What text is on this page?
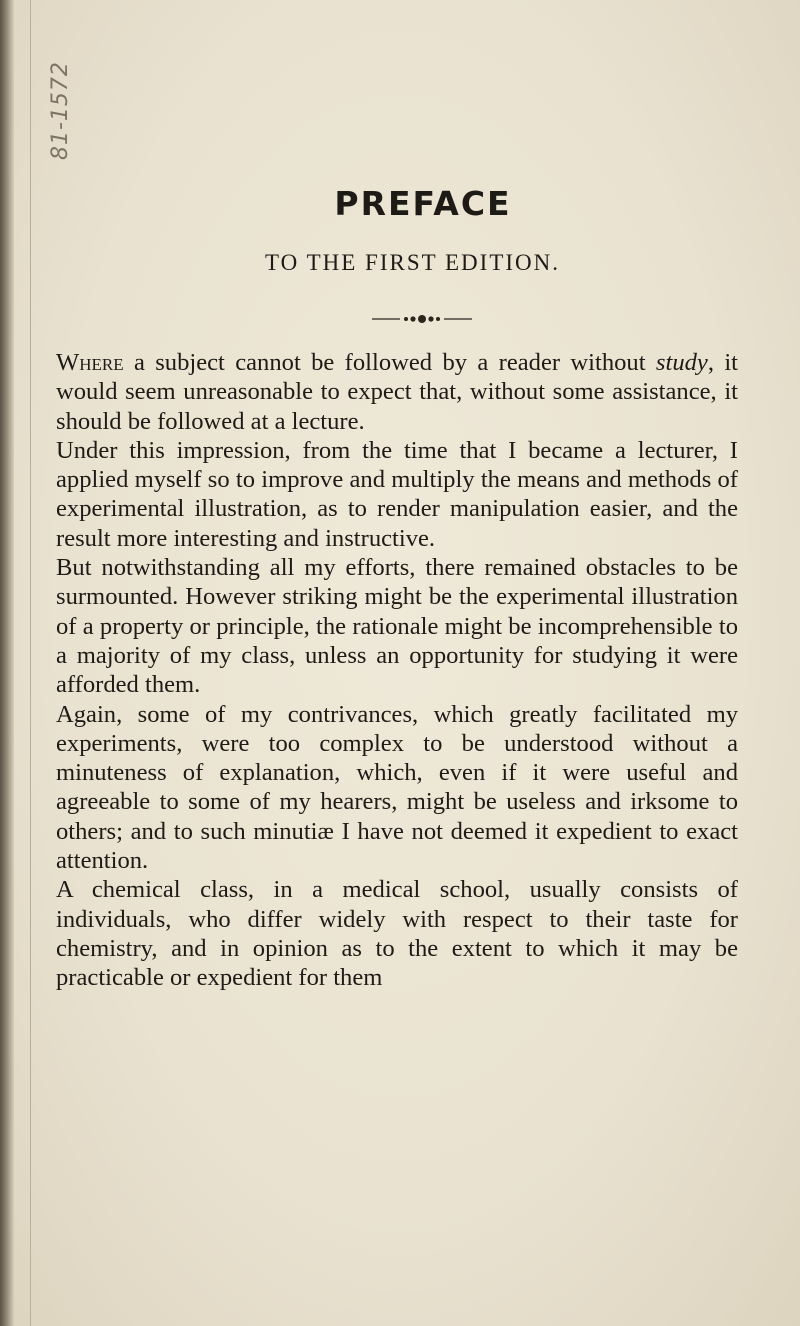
81-1572
PREFACE
TO THE FIRST EDITION.

Where a subject cannot be followed by a reader without study, it would seem unreasonable to expect that, without some assistance, it should be followed at a lecture.

Under this impression, from the time that I became a lecturer, I applied myself so to improve and multiply the means and methods of experimental illustration, as to render manipulation easier, and the result more interesting and instructive.

But notwithstanding all my efforts, there remained obstacles to be surmounted. However striking might be the experimental illustration of a property or principle, the rationale might be incomprehensible to a majority of my class, unless an opportunity for studying it were afforded them.

Again, some of my contrivances, which greatly facilitated my experiments, were too complex to be understood without a minuteness of explanation, which, even if it were useful and agreeable to some of my hearers, might be useless and irksome to others; and to such minutiæ I have not deemed it expedient to exact attention.

A chemical class, in a medical school, usually consists of individuals, who differ widely with respect to their taste for chemistry, and in opinion as to the extent to which it may be practicable or expedient for them
